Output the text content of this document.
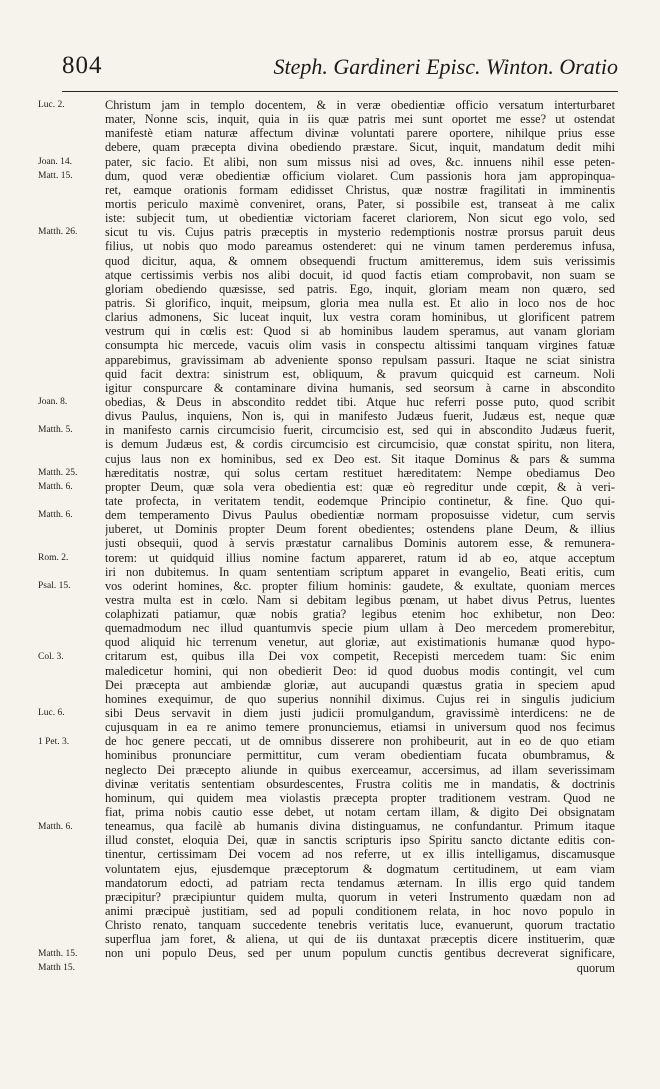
804	Steph. Gardineri Episc. Winton. Oratio
Luc. 2.
Joan. 14.
Matt. 15.
Matth. 26.
Joan. 8.
Matth. 5.
Matth. 25.
Matth. 6.
Matth. 6.
Rom. 2.
Psal. 15.
Col. 3.
Luc. 6.
1 Pet. 3.
Matth. 6.
Matth. 15.
Matth 15.
Christum jam in templo docentem, & in veræ obedientiæ officio versatum interturbaret
mater, Nonne scis, inquit, quia in iis quæ patris mei sunt oportet me esse? ut ostendat
manifestè etiam naturæ affectum divinæ voluntati parere oportere, nihilque prius esse
debere, quam præcepta divina obediendo præstare. Sicut, inquit, mandatum dedit mihi
pater, sic facio. Et alibi, non sum missus nisi ad oves, &c. innuens nihil esse peten-
dum, quod veræ obedientiæ officium violaret. Cum passionis hora jam appropinqua-
ret, eamque orationis formam edidisset Christus, quæ nostræ fragilitati in imminentis
mortis periculo maximè conveniret, orans, Pater, si possibile est, transeat à me calix
iste: subjecit tum, ut obedientiæ victoriam faceret clariorem, Non sicut ego volo, sed
sicut tu vis. Cujus patris præceptis in mysterio redemptionis nostræ prorsus paruit deus
filius, ut nobis quo modo pareamus ostenderet: qui ne vinum tamen perderemus infusa,
quod dicitur, aqua, & omnem obsequendi fructum amitteremus, idem suis verissimis
atque certissimis verbis nos alibi docuit, id quod factis etiam comprobavit, non suam se
gloriam obediendo quæsisse, sed patris. Ego, inquit, gloriam meam non quæro, sed
patris. Si glorifico, inquit, meipsum, gloria mea nulla est. Et alio in loco nos de hoc
clarius admonens, Sic luceat inquit, lux vestra coram hominibus, ut glorificent patrem
vestrum qui in cœlis est: Quod si ab hominibus laudem speramus, aut vanam gloriam
consumpta hic mercede, vacuis olim vasis in conspectu altissimi tanquam virgines fatuæ
apparebimus, gravissimam ab adveniente sponso repulsam passuri. Itaque ne sciat sinistra
quid facit dextra: sinistrum est, obliquum, & pravum quicquid est carneum. Noli
igitur conspurcare & contaminare divina humanis, sed seorsum à carne in abscondito
obedias, & Deus in abscondito reddet tibi. Atque huc referri posse puto, quod scribit
divus Paulus, inquiens, Non is, qui in manifesto Judæus fuerit, Judæus est, neque quæ
in manifesto carnis circumcisio fuerit, circumcisio est, sed qui in abscondito Judæus fuerit,
is demum Judæus est, & cordis circumcisio est circumcisio, quæ constat spiritu, non litera,
cujus laus non ex hominibus, sed ex Deo est. Sit itaque Dominus & pars & summa
hæreditatis nostræ, qui solus certam restituet hæreditatem: Nempe obediamus Deo
propter Deum, quæ sola vera obedientia est: quæ eò regreditur unde cœpit, & à veri-
tate profecta, in veritatem tendit, eodemque Principio continetur, & fine. Quo qui-
dem temperamento Divus Paulus obedientiæ normam proposuisse videtur, cum servis
juberet, ut Dominis propter Deum forent obedientes; ostendens plane Deum, & illius
justi obsequii, quod à servis præstatur carnalibus Dominis autorem esse, & remunera-
torem: ut quidquid illius nomine factum appareret, ratum id ab eo, atque acceptum
iri non dubitemus. In quam sententiam scriptum apparet in evangelio, Beati eritis, cum
vos oderint homines, &c. propter filium hominis: gaudete, & exultate, quoniam merces
vestra multa est in cœlo. Nam si debitam legibus pœnam, ut habet divus Petrus, luentes
colaphizati patiamur, quæ nobis gratia? legibus etenim hoc exhibetur, non Deo:
quemadmodum nec illud quantumvis specie pium ullam à Deo mercedem promerebitur,
quod aliquid hic terrenum venetur, aut gloriæ, aut existimationis humanæ quod hypo-
critarum est, quibus illa Dei vox competit, Recepisti mercedem tuam: Sic enim
maledicetur homini, qui non obedierit Deo: id quod duobus modis contingit, vel cum
Dei præcepta aut ambiendæ gloriæ, aut aucupandi quæstus gratia in speciem apud
homines exequimur, de quo superius nonnihil diximus. Cujus rei in singulis judicium
sibi Deus servavit in diem justi judicii promulgandum, gravissimè interdicens: ne de
cujusquam in ea re animo temere pronunciemus, etiamsi in universum quod nos fecimus
de hoc genere peccati, ut de omnibus disserere non prohibeurit, aut in eo de quo etiam
hominibus pronunciare permittitur, cum veram obedientiam fucata obumbramus, &
neglecto Dei præcepto aliunde in quibus exerceamur, accersimus, ad illam severissimam
divinæ veritatis sententiam obsurdescentes, Frustra colitis me in mandatis, & doctrinis
hominum, qui quidem mea violastis præcepta propter traditionem vestram. Quod ne
fiat, prima nobis cautio esse debet, ut notam certam illam, & digito Dei obsignatam
teneamus, qua facilè ab humanis divina distinguamus, ne confundantur. Primum itaque
illud constet, eloquia Dei, quæ in sanctis scripturis ipso Spiritu sancto dictante editis con-
tinentur, certissimam Dei vocem ad nos referre, ut ex illis intelligamus, discamusque
voluntatem ejus, ejusdemque præceptorum & dogmatum certitudinem, ut eam viam
mandatorum edocti, ad patriam recta tendamus æternam. In illis ergo quid tandem
præcipitur? præcipiuntur quidem multa, quorum in veteri Instrumento quædam non ad
animi præcipuè justitiam, sed ad populi conditionem relata, in hoc novo populo in
Christo renato, tanquam succedente tenebris veritatis luce, evanuerunt, quorum tractatio
superflua jam foret, & aliena, ut qui de iis duntaxat præceptis dicere instituerim, quæ
non uni populo Deus, sed per unum populum cunctis gentibus decreverat significare,
quorum
